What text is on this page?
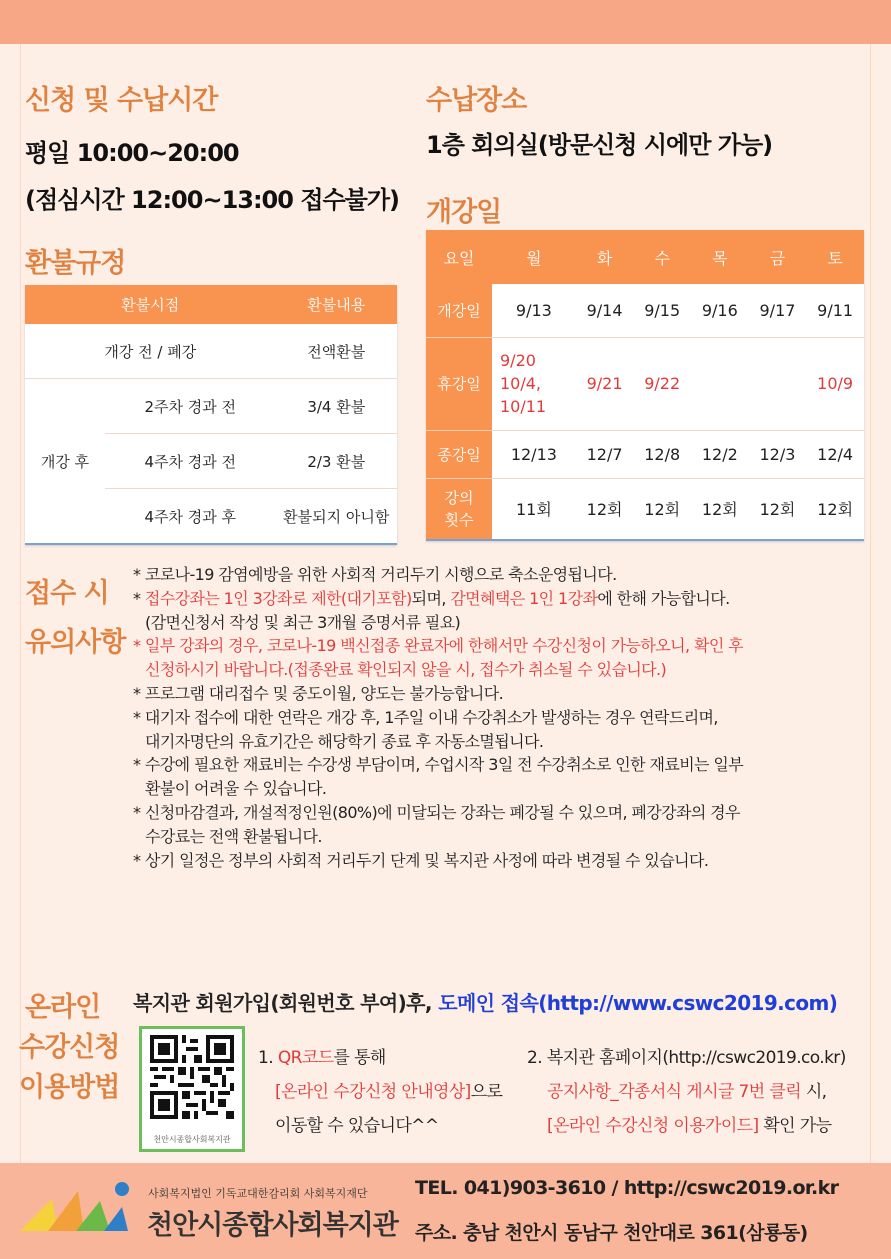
신청 및 수납시간
평일 10:00~20:00
(점심시간 12:00~13:00 접수불가)
수납장소
1층 회의실(방문신청 시에만 가능)
개강일
요일	월	화	수	목	금	토
개강일	9/13	9/14	9/15	9/16	9/17	9/11
휴강일	9/20
10/4,
10/11	9/21	9/22			10/9
종강일	12/13	12/7	12/8	12/2	12/3	12/4
강의
횟수	11회	12회	12회	12회	12회	12회
환불규정
환불시점		환불내용
개강 전 / 폐강		전액환불
개강 후	2주차 경과 전	3/4 환불
	4주차 경과 전	2/3 환불
	4주차 경과 후	환불되지 아니함
접수 시
유의사항
* 코로나-19 감염예방을 위한 사회적 거리두기 시행으로 축소운영됩니다.
* 접수강좌는 1인 3강좌로 제한(대기포함)되며, 감면혜택은 1인 1강좌에 한해 가능합니다.
(감면신청서 작성 및 최근 3개월 증명서류 필요)
* 일부 강좌의 경우, 코로나-19 백신접종 완료자에 한해서만 수강신청이 가능하오니, 확인 후
신청하시기 바랍니다.(접종완료 확인되지 않을 시, 접수가 취소될 수 있습니다.)
* 프로그램 대리접수 및 중도이월, 양도는 불가능합니다.
* 대기자 접수에 대한 연락은 개강 후, 1주일 이내 수강취소가 발생하는 경우 연락드리며,
대기자명단의 유효기간은 해당학기 종료 후 자동소멸됩니다.
* 수강에 필요한 재료비는 수강생 부담이며, 수업시작 3일 전 수강취소로 인한 재료비는 일부
환불이 어려울 수 있습니다.
* 신청마감결과, 개설적정인원(80%)에 미달되는 강좌는 폐강될 수 있으며, 폐강강좌의 경우
수강료는 전액 환불됩니다.
* 상기 일정은 정부의 사회적 거리두기 단계 및 복지관 사정에 따라 변경될 수 있습니다.
온라인
수강신청
이용방법
복지관 회원가입(회원번호 부여)후, 도메인 접속(http://www.cswc2019.com)
천안시종합사회복지관
1. QR코드를 통해
[온라인 수강신청 안내영상]으로
이동할 수 있습니다^^
2. 복지관 홈페이지(http://cswc2019.co.kr)
공지사항_각종서식 게시글 7번 클릭 시,
[온라인 수강신청 이용가이드] 확인 가능
사회복지법인 기독교대한감리회 사회복지재단
천안시종합사회복지관
TEL. 041)903-3610 / http://cswc2019.or.kr
주소. 충남 천안시 동남구 천안대로 361(삼룡동)
